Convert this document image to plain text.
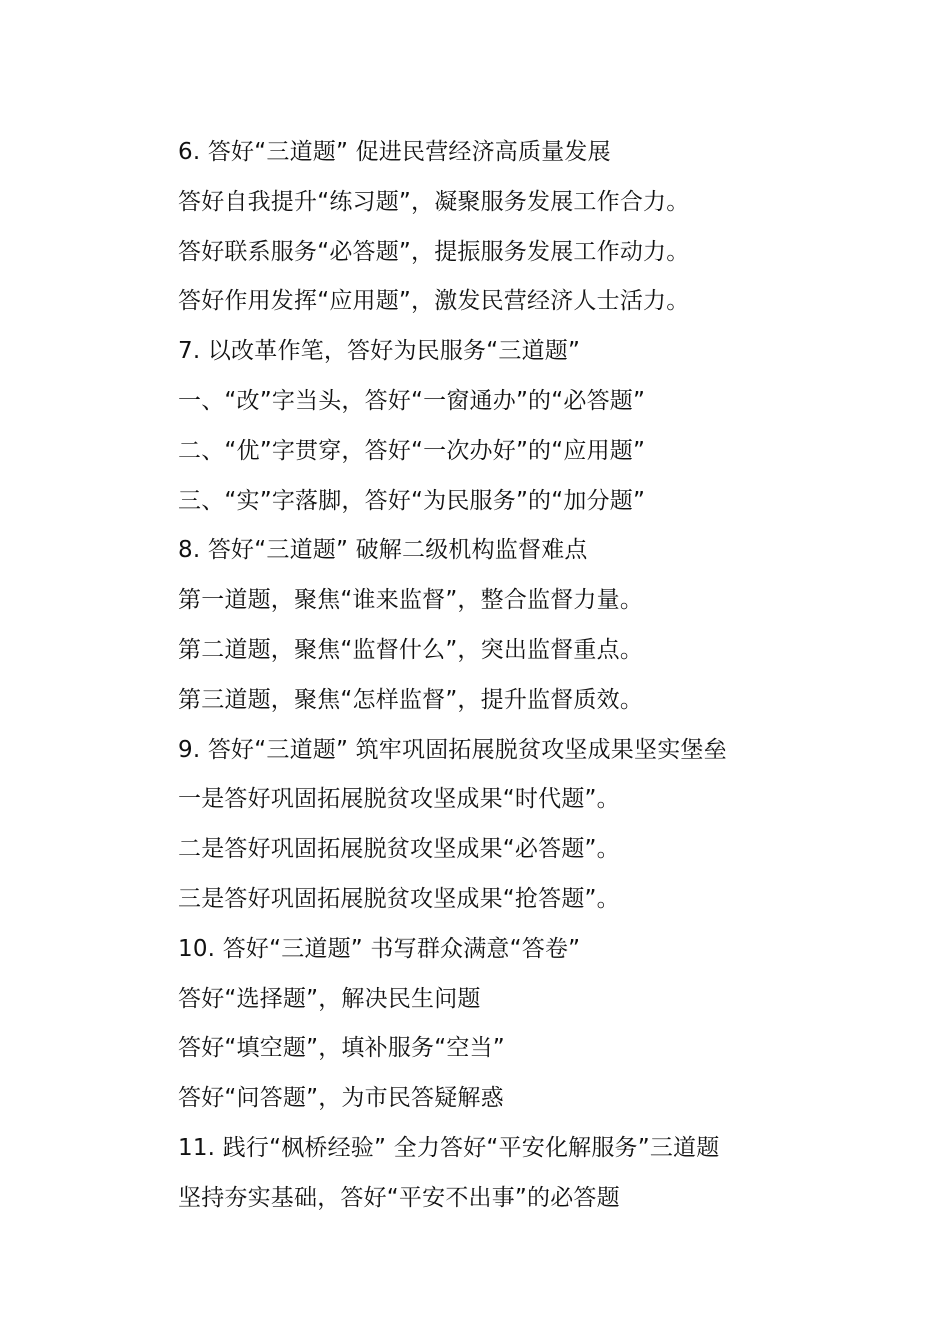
6. 答好“三道题” 促进民营经济高质量发展
答好自我提升“练习题”，凝聚服务发展工作合力。
答好联系服务“必答题”，提振服务发展工作动力。
答好作用发挥“应用题”，激发民营经济人士活力。
7. 以改革作笔，答好为民服务“三道题”
一、“改”字当头，答好“一窗通办”的“必答题”
二、“优”字贯穿，答好“一次办好”的“应用题”
三、“实”字落脚，答好“为民服务”的“加分题”
8. 答好“三道题” 破解二级机构监督难点
第一道题，聚焦“谁来监督”，整合监督力量。
第二道题，聚焦“监督什么”，突出监督重点。
第三道题，聚焦“怎样监督”，提升监督质效。
9. 答好“三道题” 筑牢巩固拓展脱贫攻坚成果坚实堡垒
一是答好巩固拓展脱贫攻坚成果“时代题”。
二是答好巩固拓展脱贫攻坚成果“必答题”。
三是答好巩固拓展脱贫攻坚成果“抢答题”。
10. 答好“三道题” 书写群众满意“答卷”
答好“选择题”，解决民生问题
答好“填空题”，填补服务“空当”
答好“问答题”，为市民答疑解惑
11. 践行“枫桥经验” 全力答好“平安化解服务”三道题
坚持夯实基础，答好“平安不出事”的必答题
